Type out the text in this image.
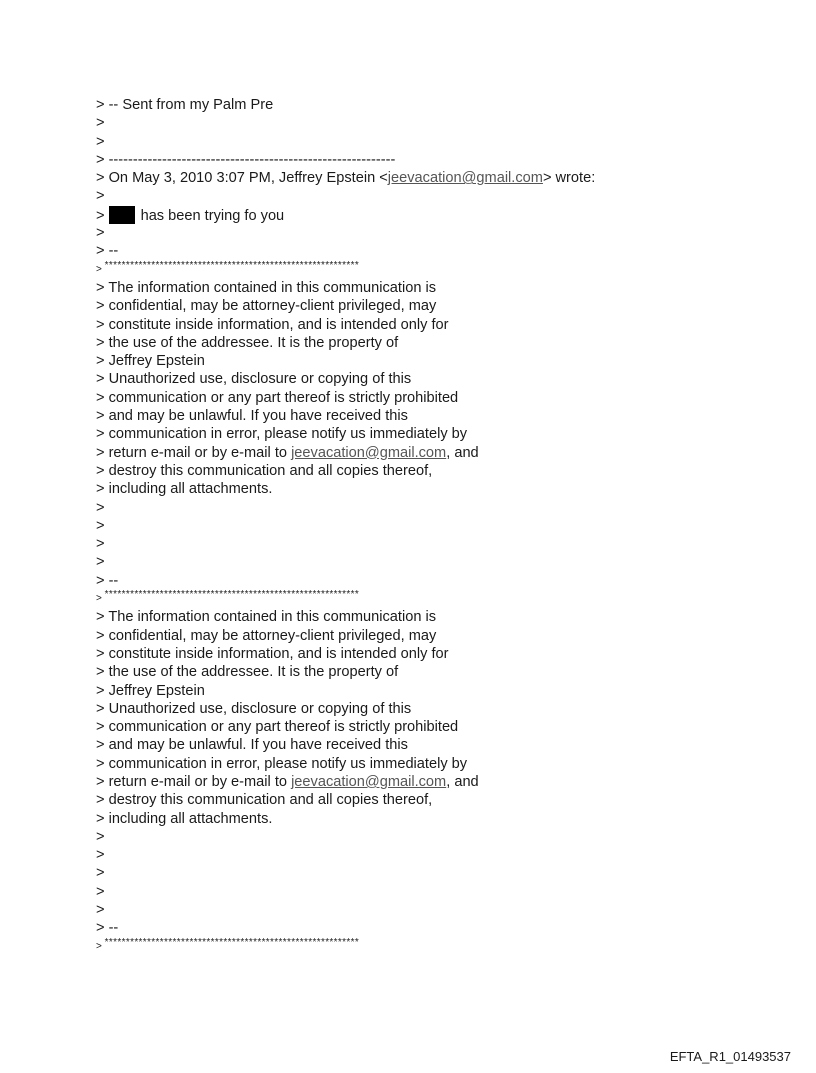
> -- Sent from my Palm Pre
>
>
> -----------------------------------------------------------
> On May 3, 2010 3:07 PM, Jeffrey Epstein <jeevacation@gmail.com> wrote:
>
> has been trying fo you
>
> --
> ************************************************************
> The information contained in this communication is
> confidential, may be attorney-client privileged, may
> constitute inside information, and is intended only for
> the use of the addressee. It is the property of
> Jeffrey Epstein
> Unauthorized use, disclosure or copying of this
> communication or any part thereof is strictly prohibited
> and may be unlawful. If you have received this
> communication in error, please notify us immediately by
> return e-mail or by e-mail to jeevacation@gmail.com, and
> destroy this communication and all copies thereof,
> including all attachments.
>
>
>
>
> --
> ************************************************************
> The information contained in this communication is
> confidential, may be attorney-client privileged, may
> constitute inside information, and is intended only for
> the use of the addressee. It is the property of
> Jeffrey Epstein
> Unauthorized use, disclosure or copying of this
> communication or any part thereof is strictly prohibited
> and may be unlawful. If you have received this
> communication in error, please notify us immediately by
> return e-mail or by e-mail to jeevacation@gmail.com, and
> destroy this communication and all copies thereof,
> including all attachments.
>
>
>
>
>
> --
> ************************************************************
EFTA_R1_01493537
